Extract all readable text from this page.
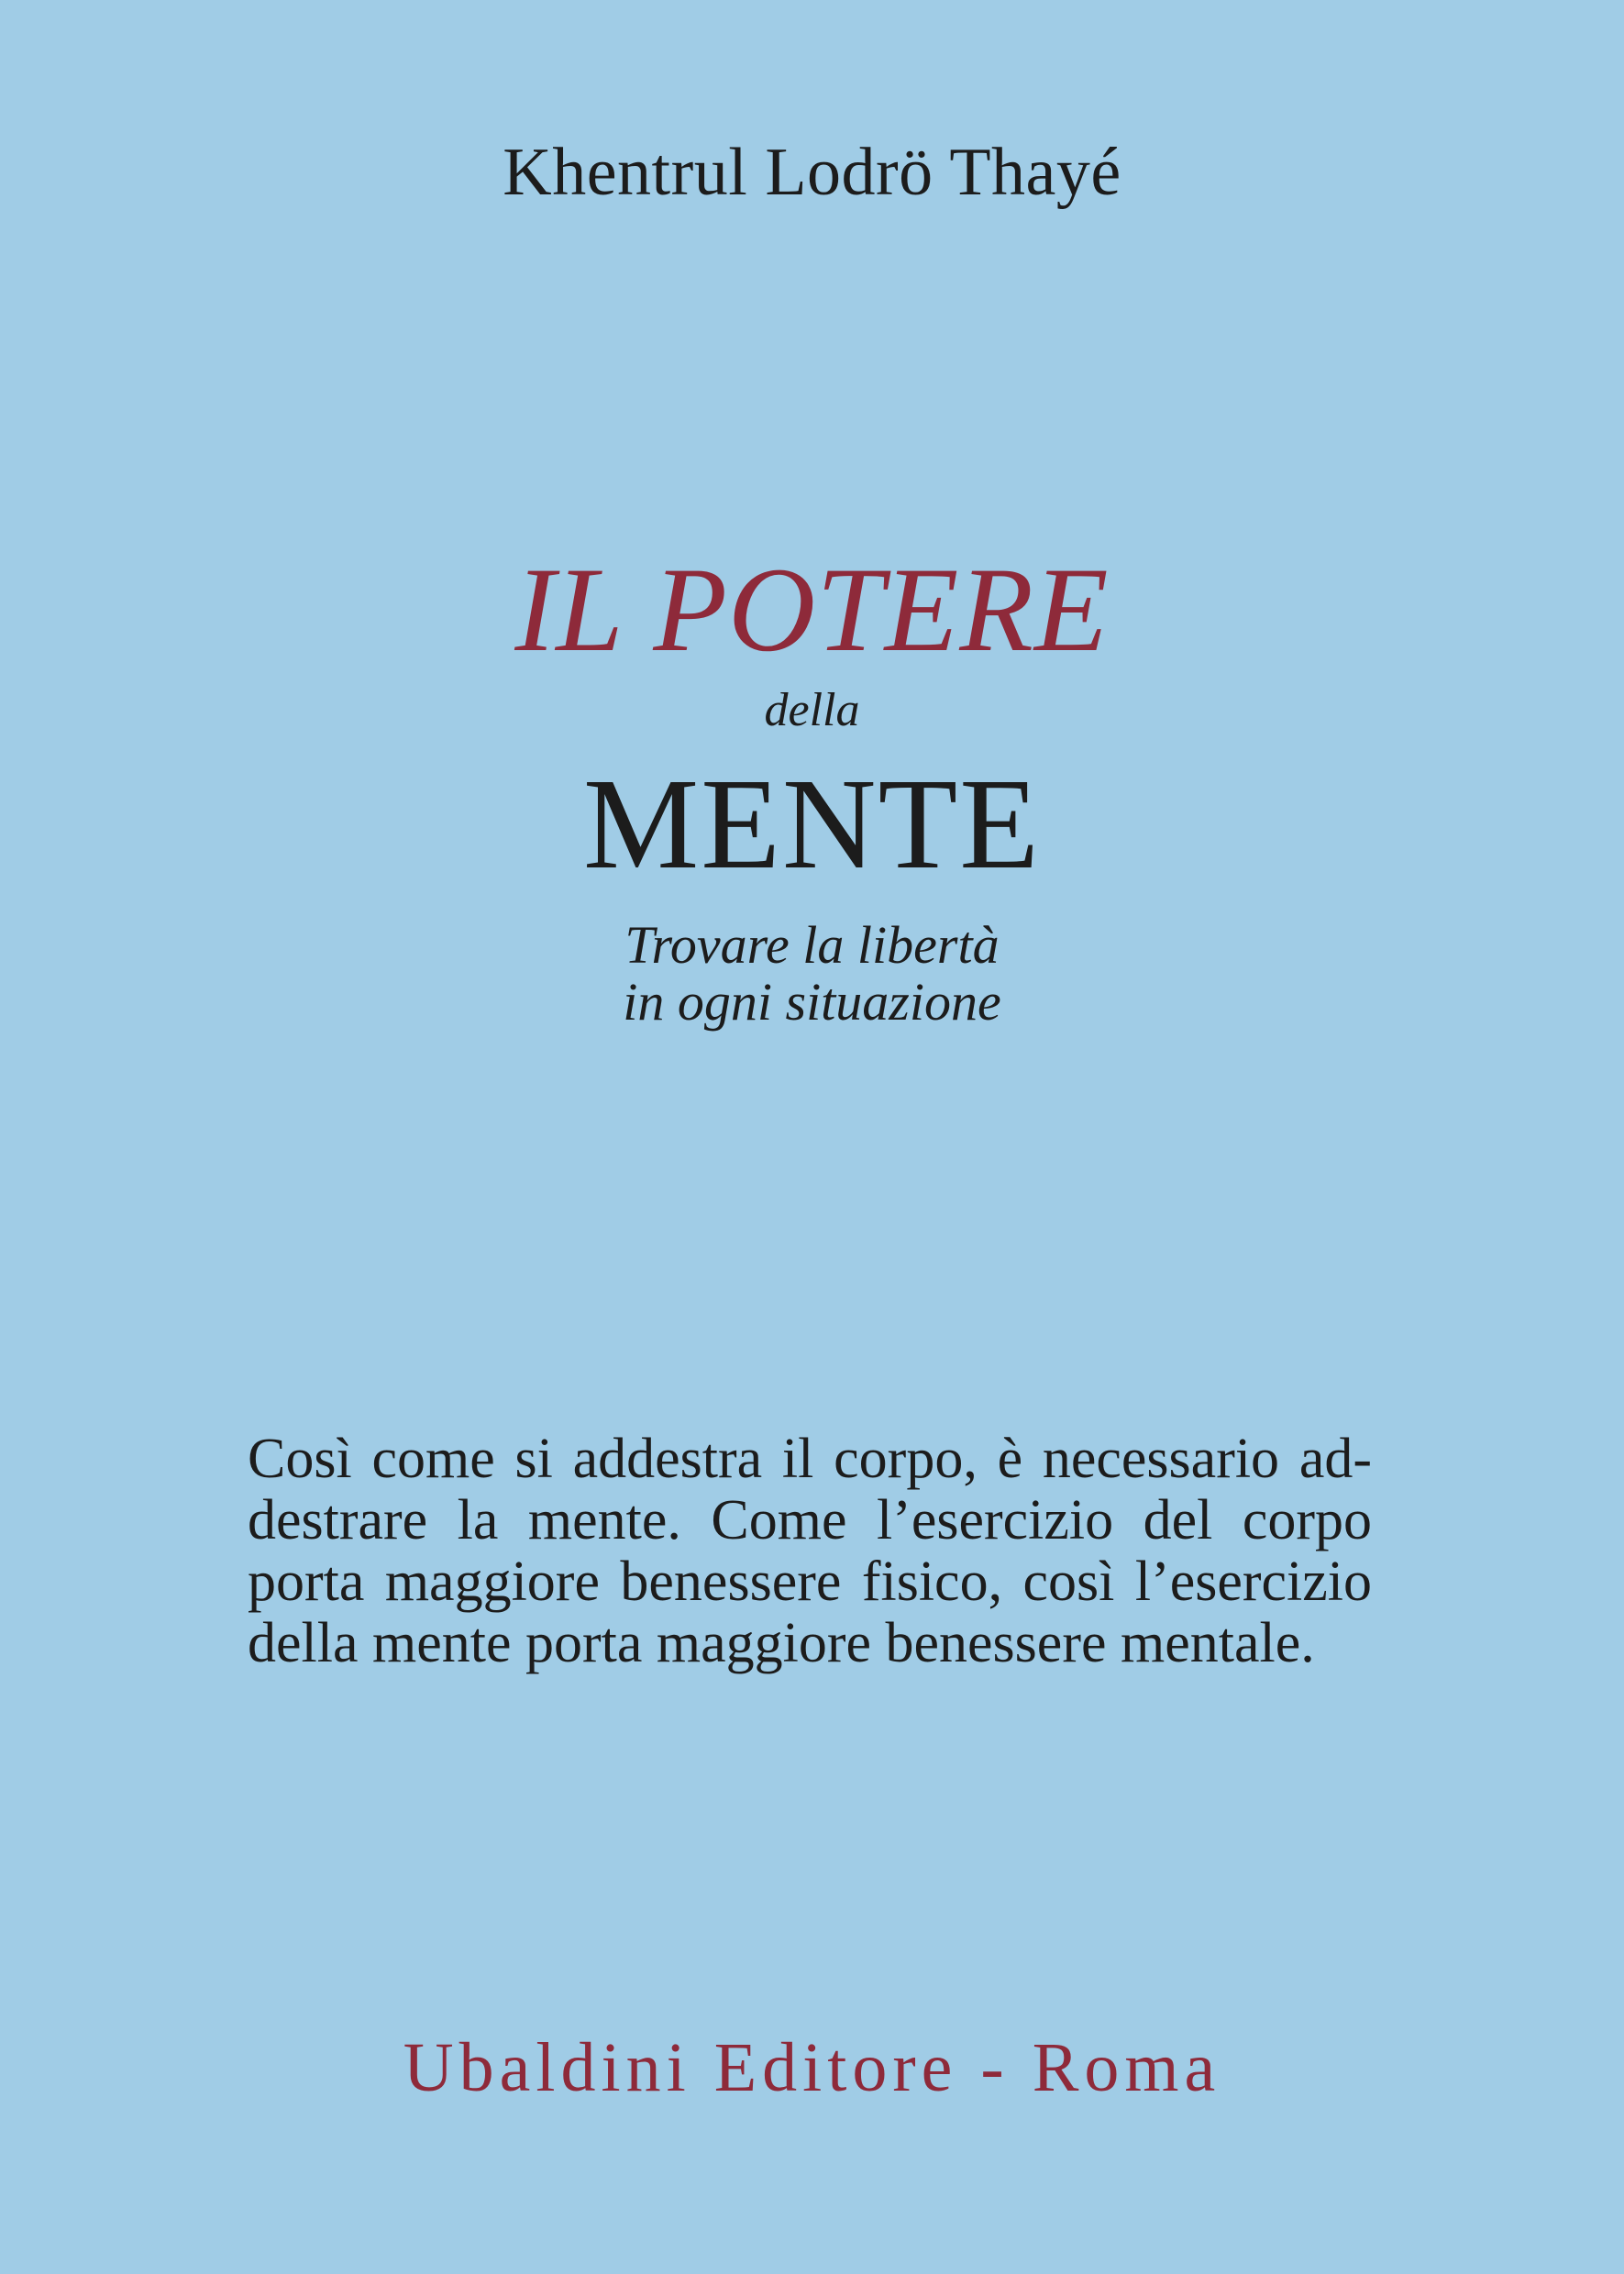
Khentrul Lodrö Thayé
IL POTERE
della
MENTE
Trovare la libertà
in ogni situazione
Così come si addestra il corpo, è necessario ad-
destrare la mente. Come l’esercizio del corpo
porta maggiore benessere fisico, così l’esercizio
della mente porta maggiore benessere mentale.
Ubaldini Editore - Roma
